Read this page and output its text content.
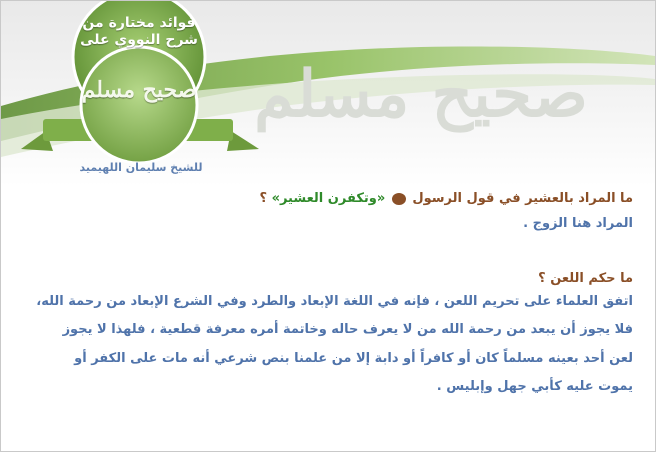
صحيح مسلم
فوائد مختارة من شرح النووي على
صحيح مسلم
للشيخ سليمان اللهيميد

ما المراد بالعشير في قول الرسول  «وتكفرن العشير» ؟

المراد هنا الزوج .

ما حكم اللعن ؟

اتفق العلماء على تحريم اللعن ، فإنه في اللغة الإبعاد والطرد وفي الشرع الإبعاد من رحمة الله،

فلا يجوز أن يبعد من رحمة الله من لا يعرف حاله وخاتمة أمره معرفة قطعية ، فلهذا لا يجوز

لعن أحد بعينه مسلماً كان أو كافراً أو دابة إلا من علمنا بنص شرعي أنه مات على الكفر أو

يموت عليه كأبي جهل وإبليس .
